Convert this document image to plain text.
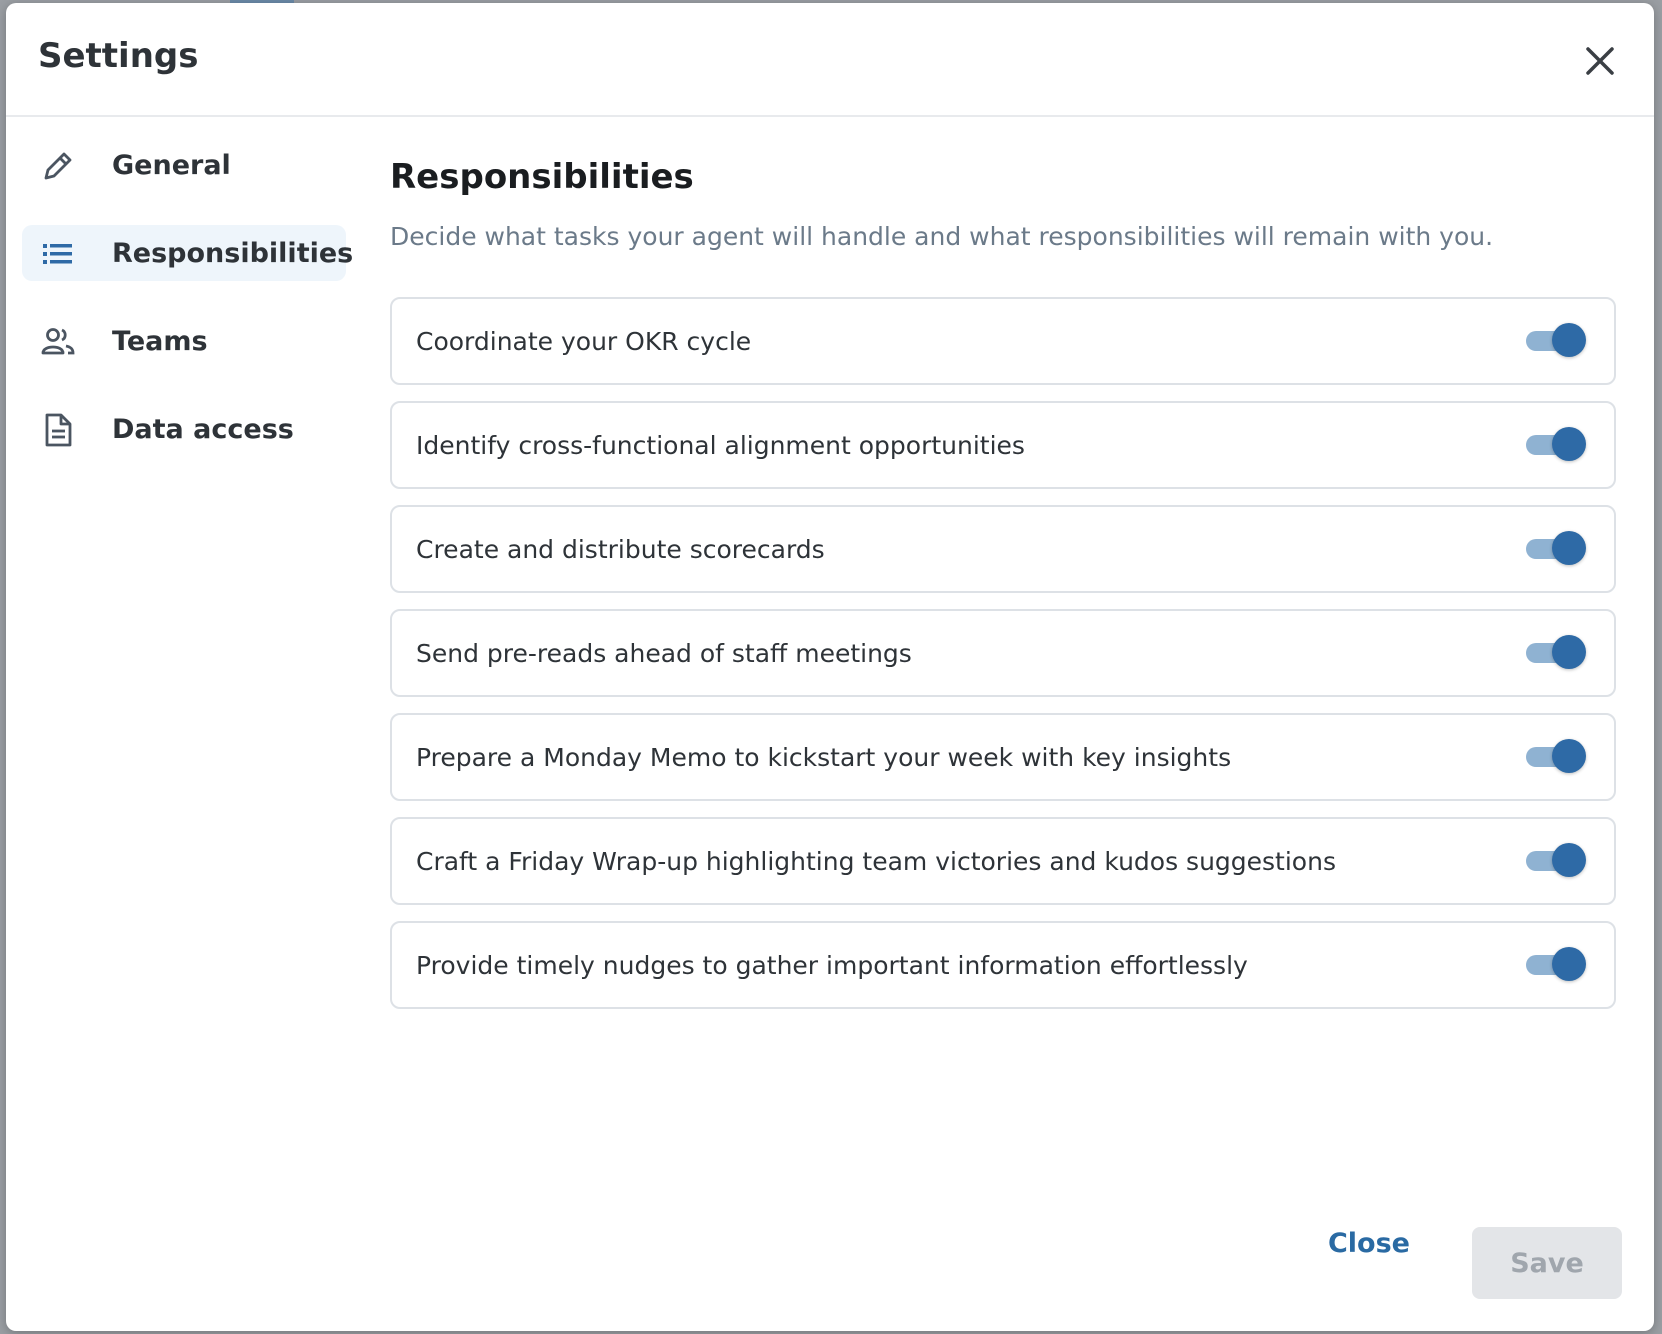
Settings
General
Responsibilities
Teams
Data access
Responsibilities
Decide what tasks your agent will handle and what responsibilities will remain with you.
Coordinate your OKR cycle
Identify cross-functional alignment opportunities
Create and distribute scorecards
Send pre-reads ahead of staff meetings
Prepare a Monday Memo to kickstart your week with key insights
Craft a Friday Wrap-up highlighting team victories and kudos suggestions
Provide timely nudges to gather important information effortlessly
Close
Save
